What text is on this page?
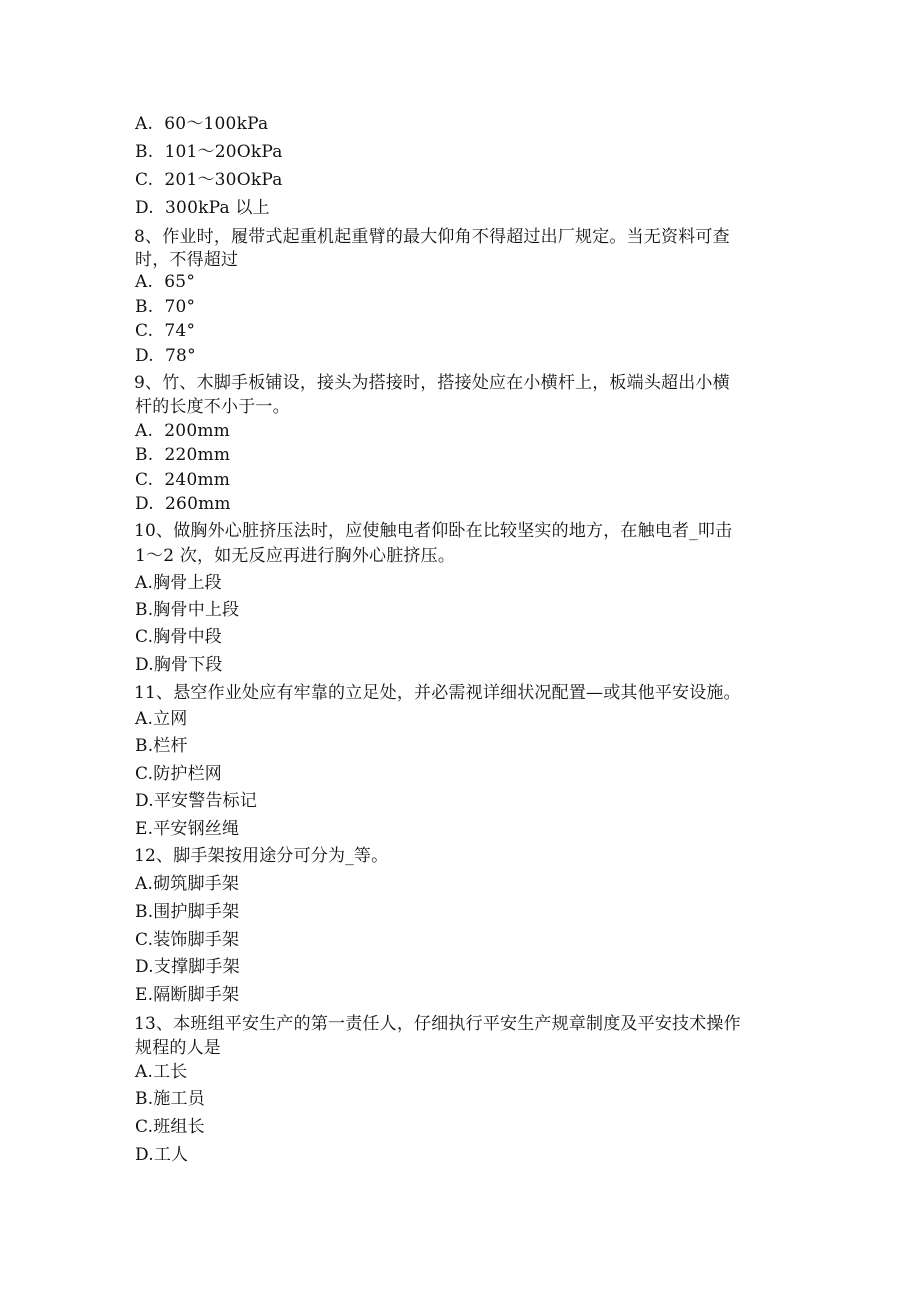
A.  60～100kPa
B.  101～20OkPa
C.  201～30OkPa
D.  300kPa 以上
8、作业时，履带式起重机起重臂的最大仰角不得超过出厂规定。当无资料可查
时，不得超过
A.  65°
B.  70°
C.  74°
D.  78°
9、竹、木脚手板铺设，接头为搭接时，搭接处应在小横杆上，板端头超出小横
杆的长度不小于一。
A.  200mm
B.  220mm
C.  240mm
D.  260mm
10、做胸外心脏挤压法时，应使触电者仰卧在比较坚实的地方，在触电者_叩击
1～2 次，如无反应再进行胸外心脏挤压。
A.胸骨上段
B.胸骨中上段
C.胸骨中段
D.胸骨下段
11、悬空作业处应有牢靠的立足处，并必需视详细状况配置—或其他平安设施。
A.立网
B.栏杆
C.防护栏网
D.平安警告标记
E.平安钢丝绳
12、脚手架按用途分可分为_等。
A.砌筑脚手架
B.围护脚手架
C.装饰脚手架
D.支撑脚手架
E.隔断脚手架
13、本班组平安生产的第一责任人，仔细执行平安生产规章制度及平安技术操作
规程的人是
A.工长
B.施工员
C.班组长
D.工人
